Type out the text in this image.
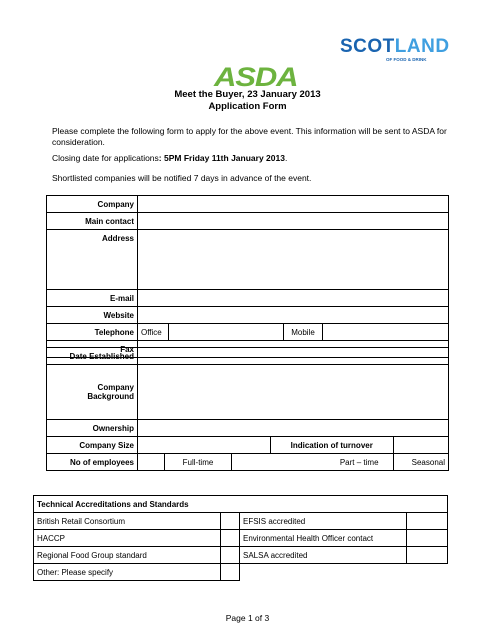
SCOTLAND
OF FOOD & DRINK
ASDA
Meet the Buyer, 23 January 2013
Application Form
Please complete the following form to apply for the above event. This information will be sent to ASDA for consideration.
Closing date for applications: 5PM Friday 11th January 2013.
Shortlisted companies will be notified 7 days in advance of the event.
Company				
Main contact				
Address				
E-mail				
Website				
Telephone	Office		Mobile	
Fax				
Date Established					
Company Background					
Ownership					
Company Size				Indication of turnover	
No of employees		Full-time	Part – time		Seasonal
Technical Accreditations and Standards			
British Retail Consortium		EFSIS accredited	
HACCP		Environmental Health Officer contact	
Regional Food Group standard		SALSA accredited	
Other: Please specify			
Page 1 of 3
